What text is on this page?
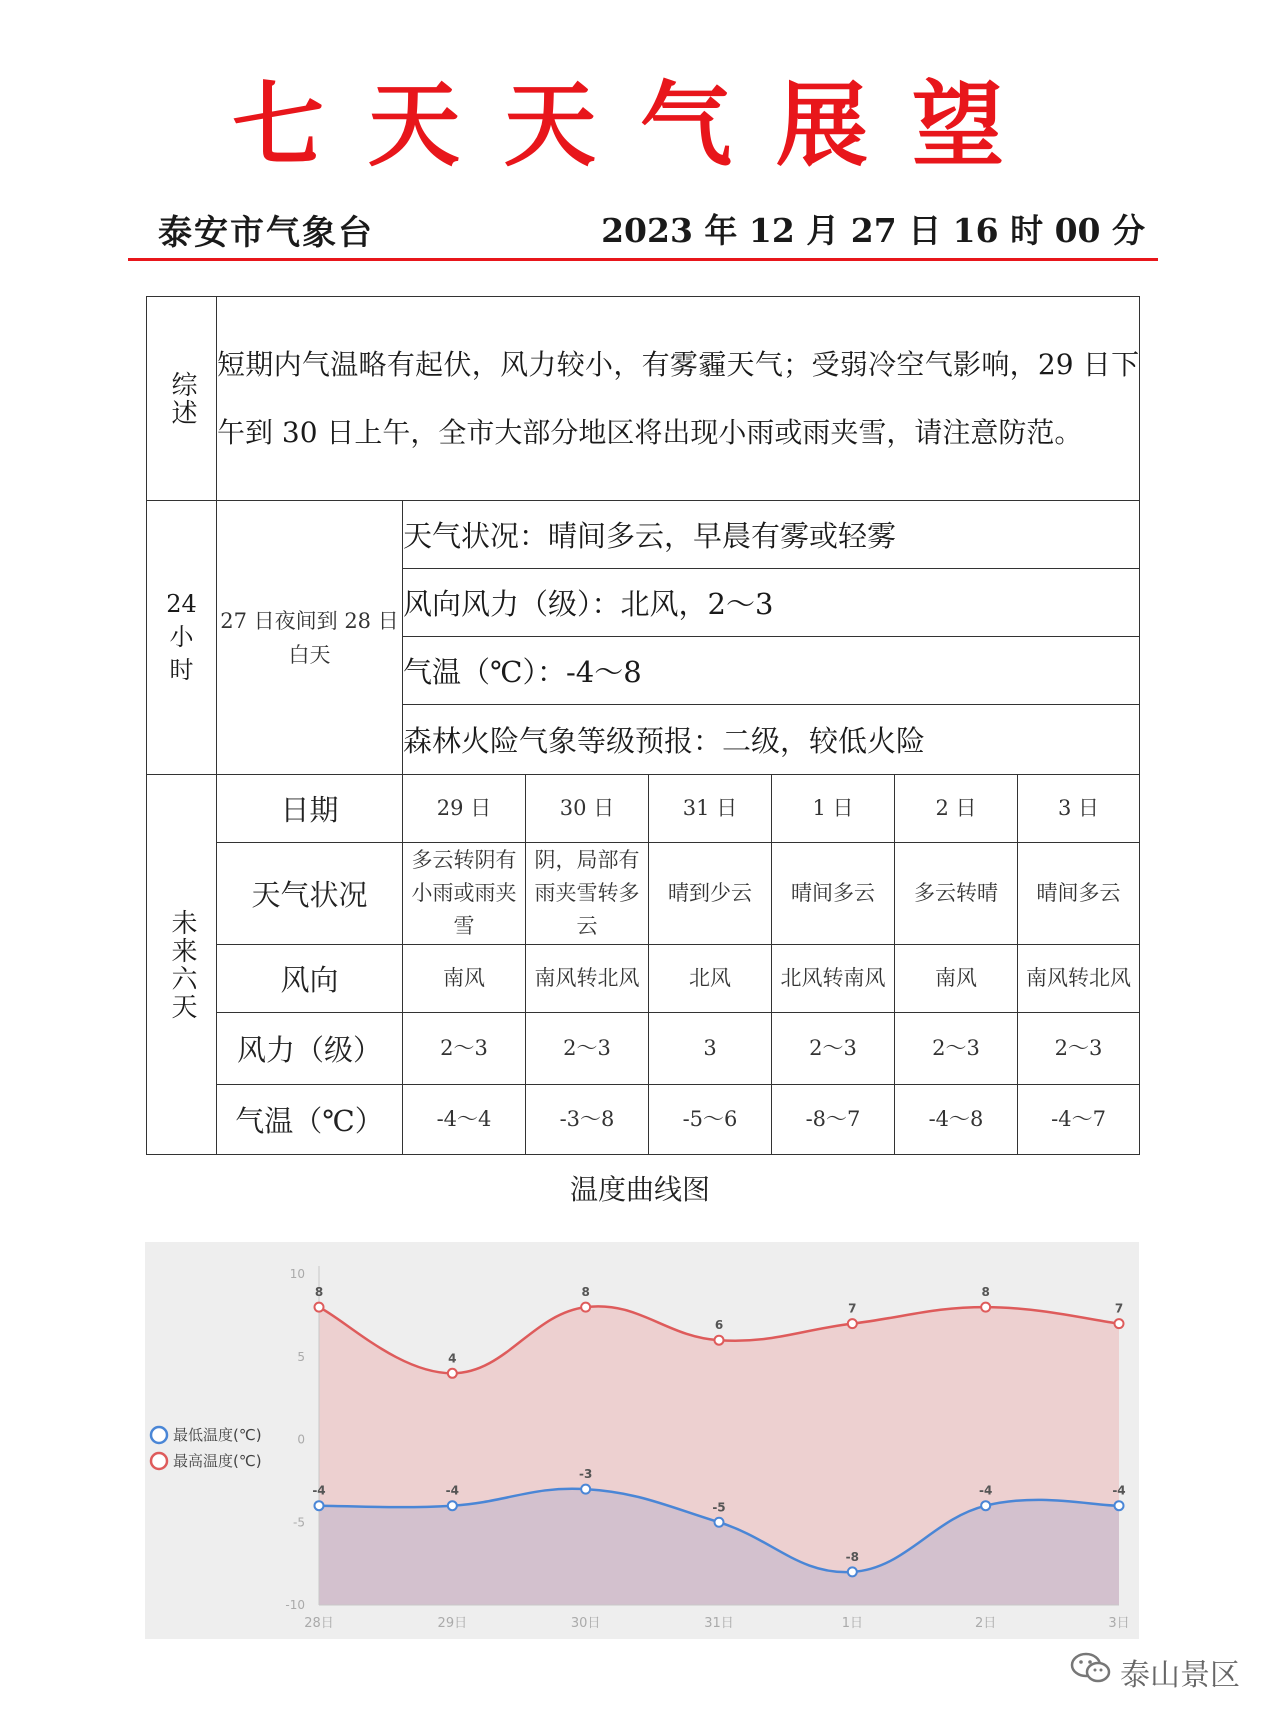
七天天气展望
泰安市气象台	2023 年 12 月 27 日 16 时 00 分
综述	短期内气温略有起伏，风力较小，有雾霾天气；受弱冷空气影响，29 日下午到 30 日上午，全市大部分地区将出现小雨或雨夹雪，请注意防范。						

24
小
时	27 日夜间到 28 日白天	天气状况：晴间多云，早晨有雾或轻雾					
		风向风力（级）：北风，2～3					
		气温（℃）：-4～8					
		森林火险气象等级预报：二级，较低火险					

未来六天	日期	29 日	30 日	31 日	1 日	2 日	3 日
	天气状况	多云转阴有小雨或雨夹雪	阴，局部有雨夹雪转多云	晴到少云	晴间多云	多云转晴	晴间多云
	风向	南风	南风转北风	北风	北风转南风	南风	南风转北风
	风力（级）	2～3	2～3	3	2～3	2～3	2～3
	气温（℃）	-4～4	-3～8	-5～6	-8～7	-4～8	-4～7
温度曲线图
10
5
0
-5
-10
28日	29日	30日	31日	1日	2日	3日
-4	-4
-3
-5
-8
-4	-4
8
4
8
6
7
8
7
最低温度(℃)
最高温度(℃)
泰山景区
